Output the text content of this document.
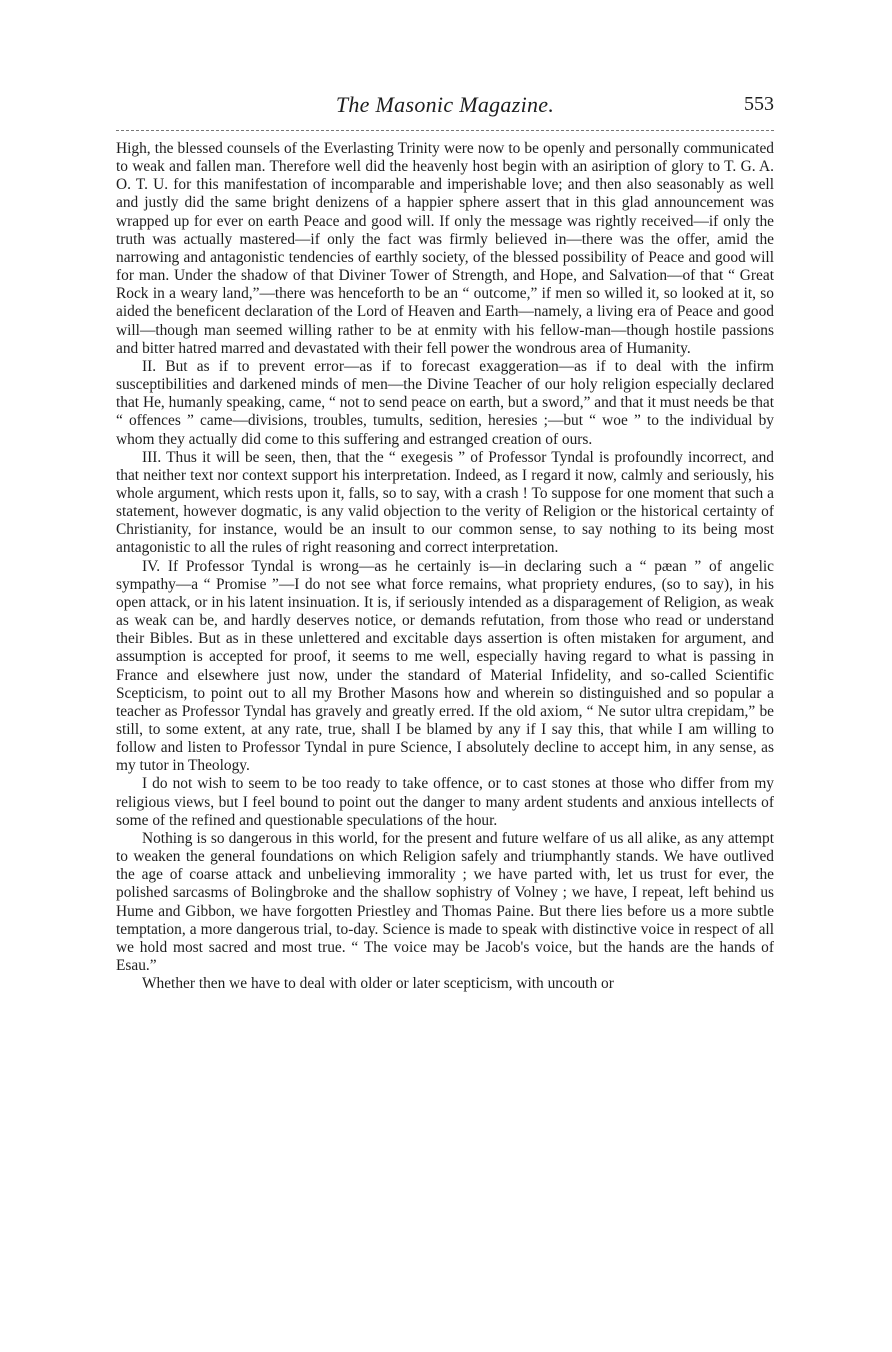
The Masonic Magazine.	553

High, the blessed counsels of the Everlasting Trinity were now to be openly and personally communicated to weak and fallen man. Therefore well did the heavenly host begin with an asiription of glory to T. G. A. O. T. U. for this manifestation of incomparable and imperishable love; and then also seasonably as well and justly did the same bright denizens of a happier sphere assert that in this glad announcement was wrapped up for ever on earth Peace and good will. If only the message was rightly received—if only the truth was actually mastered—if only the fact was firmly believed in—there was the offer, amid the narrowing and antagonistic tendencies of earthly society, of the blessed possibility of Peace and good will for man. Under the shadow of that Diviner Tower of Strength, and Hope, and Salvation—of that “ Great Rock in a weary land,”—there was henceforth to be an “ outcome,” if men so willed it, so looked at it, so aided the beneficent declaration of the Lord of Heaven and Earth—namely, a living era of Peace and good will—though man seemed willing rather to be at enmity with his fellow-man—though hostile passions and bitter hatred marred and devastated with their fell power the wondrous area of Humanity.

II. But as if to prevent error—as if to forecast exaggeration—as if to deal with the infirm susceptibilities and darkened minds of men—the Divine Teacher of our holy religion especially declared that He, humanly speaking, came, “ not to send peace on earth, but a sword,” and that it must needs be that “ offences ” came—divisions, troubles, tumults, sedition, heresies ;—but “ woe ” to the individual by whom they actually did come to this suffering and estranged creation of ours.

III. Thus it will be seen, then, that the “ exegesis ” of Professor Tyndal is profoundly incorrect, and that neither text nor context support his interpretation. Indeed, as I regard it now, calmly and seriously, his whole argument, which rests upon it, falls, so to say, with a crash ! To suppose for one moment that such a statement, however dogmatic, is any valid objection to the verity of Religion or the historical certainty of Christianity, for instance, would be an insult to our common sense, to say nothing to its being most antagonistic to all the rules of right reasoning and correct interpretation.

IV. If Professor Tyndal is wrong—as he certainly is—in declaring such a “ pæan ” of angelic sympathy—a “ Promise ”—I do not see what force remains, what propriety endures, (so to say), in his open attack, or in his latent insinuation. It is, if seriously intended as a disparagement of Religion, as weak as weak can be, and hardly deserves notice, or demands refutation, from those who read or understand their Bibles. But as in these unlettered and excitable days assertion is often mistaken for argument, and assumption is accepted for proof, it seems to me well, especially having regard to what is passing in France and elsewhere just now, under the standard of Material Infidelity, and so-called Scientific Scepticism, to point out to all my Brother Masons how and wherein so distinguished and so popular a teacher as Professor Tyndal has gravely and greatly erred. If the old axiom, “ Ne sutor ultra crepidam,” be still, to some extent, at any rate, true, shall I be blamed by any if I say this, that while I am willing to follow and listen to Professor Tyndal in pure Science, I absolutely decline to accept him, in any sense, as my tutor in Theology.

I do not wish to seem to be too ready to take offence, or to cast stones at those who differ from my religious views, but I feel bound to point out the danger to many ardent students and anxious intellects of some of the refined and questionable speculations of the hour.

Nothing is so dangerous in this world, for the present and future welfare of us all alike, as any attempt to weaken the general foundations on which Religion safely and triumphantly stands. We have outlived the age of coarse attack and unbelieving immorality ; we have parted with, let us trust for ever, the polished sarcasms of Bolingbroke and the shallow sophistry of Volney ; we have, I repeat, left behind us Hume and Gibbon, we have forgotten Priestley and Thomas Paine. But there lies before us a more subtle temptation, a more dangerous trial, to-day. Science is made to speak with distinctive voice in respect of all we hold most sacred and most true. “ The voice may be Jacob's voice, but the hands are the hands of Esau.”

Whether then we have to deal with older or later scepticism, with uncouth or
